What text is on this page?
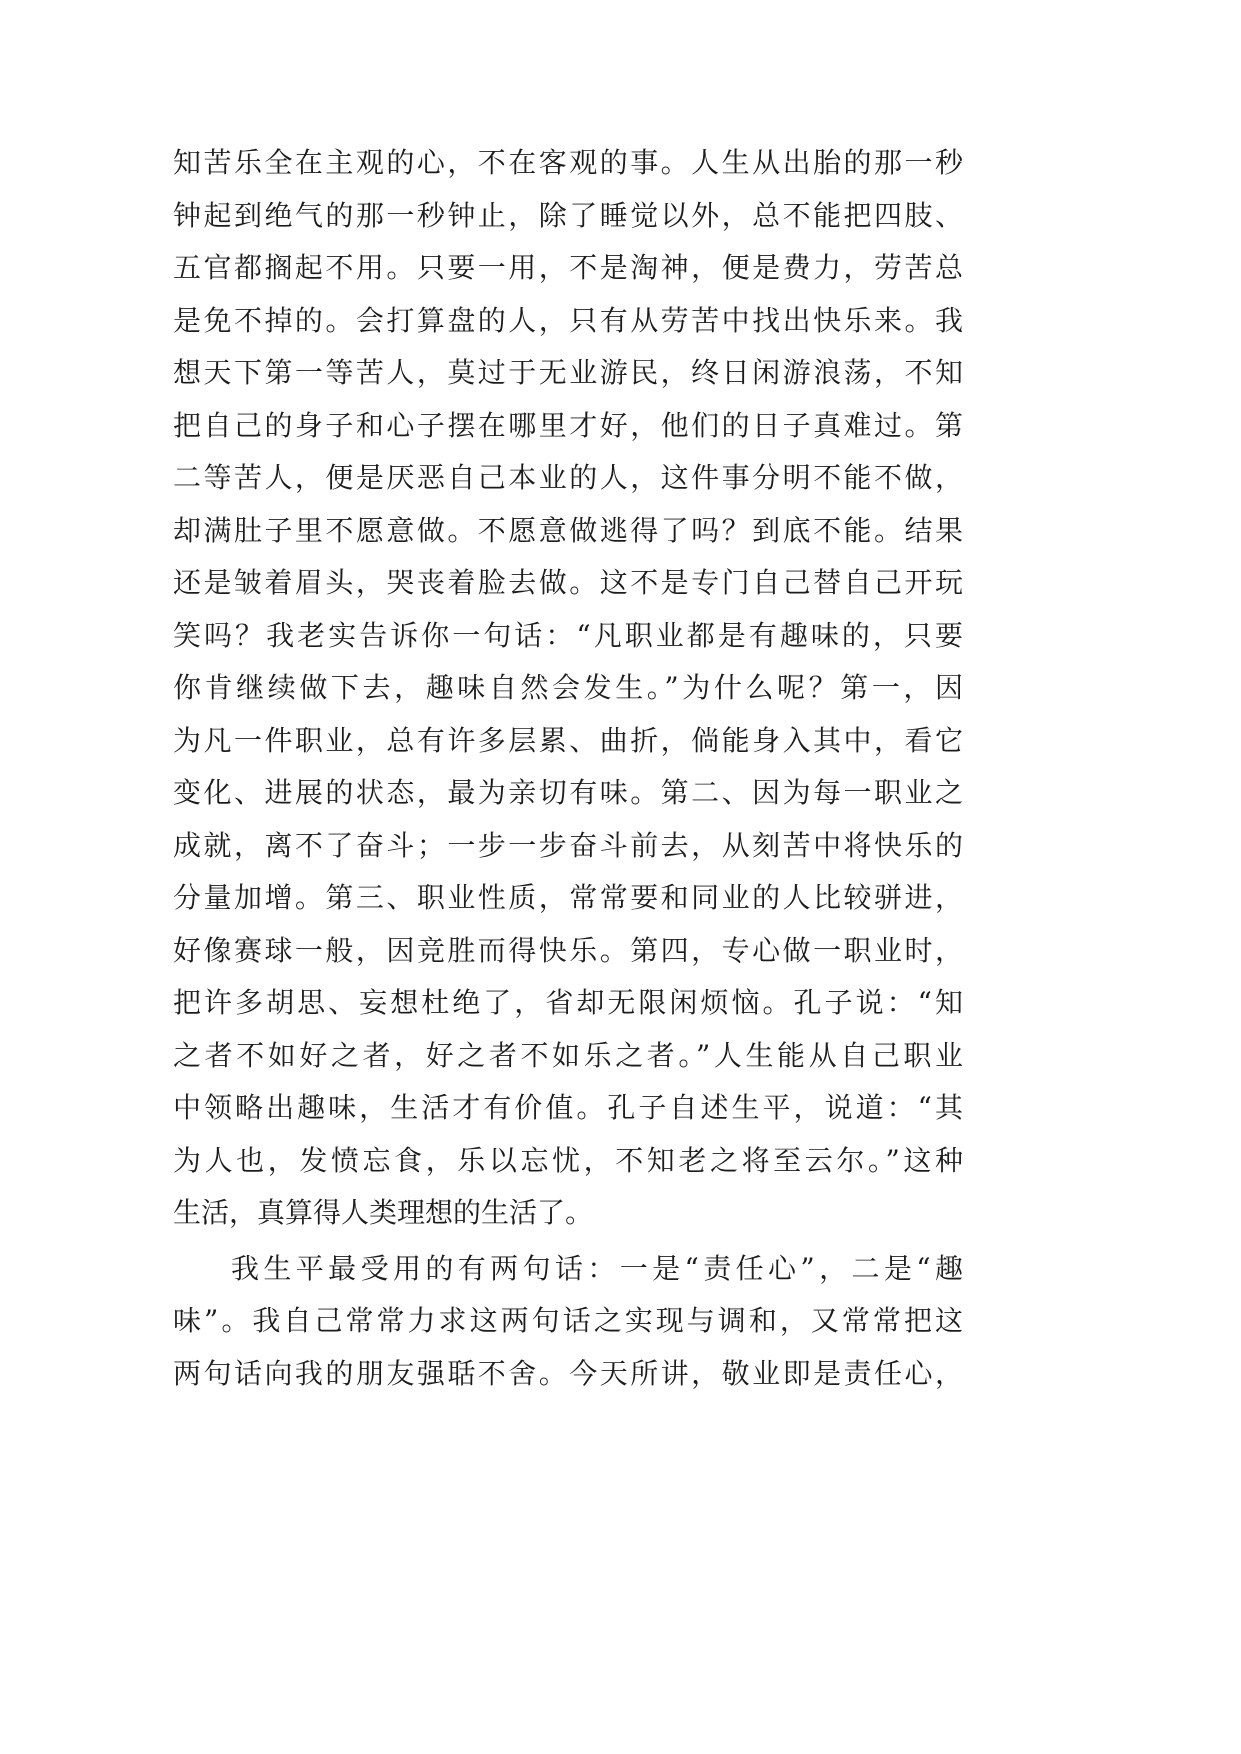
知苦乐全在主观的心，不在客观的事。人生从出胎的那一秒
钟起到绝气的那一秒钟止，除了睡觉以外，总不能把四肢、
五官都搁起不用。只要一用，不是淘神，便是费力，劳苦总
是免不掉的。会打算盘的人，只有从劳苦中找出快乐来。我
想天下第一等苦人，莫过于无业游民，终日闲游浪荡，不知
把自己的身子和心子摆在哪里才好，他们的日子真难过。第
二等苦人，便是厌恶自己本业的人，这件事分明不能不做，
却满肚子里不愿意做。不愿意做逃得了吗？到底不能。结果
还是皱着眉头，哭丧着脸去做。这不是专门自己替自己开玩
笑吗？我老实告诉你一句话：“凡职业都是有趣味的，只要
你肯继续做下去，趣味自然会发生。”为什么呢？第一，因
为凡一件职业，总有许多层累、曲折，倘能身入其中，看它
变化、进展的状态，最为亲切有味。第二、因为每一职业之
成就，离不了奋斗；一步一步奋斗前去，从刻苦中将快乐的
分量加增。第三、职业性质，常常要和同业的人比较骈进，
好像赛球一般，因竞胜而得快乐。第四，专心做一职业时，
把许多胡思、妄想杜绝了，省却无限闲烦恼。孔子说：“知
之者不如好之者，好之者不如乐之者。”人生能从自己职业
中领略出趣味，生活才有价值。孔子自述生平，说道：“其
为人也，发愤忘食，乐以忘忧，不知老之将至云尔。”这种
生活，真算得人类理想的生活了。
我生平最受用的有两句话：一是“责任心”，二是“趣
味”。我自己常常力求这两句话之实现与调和，又常常把这
两句话向我的朋友强聒不舍。今天所讲，敬业即是责任心，
